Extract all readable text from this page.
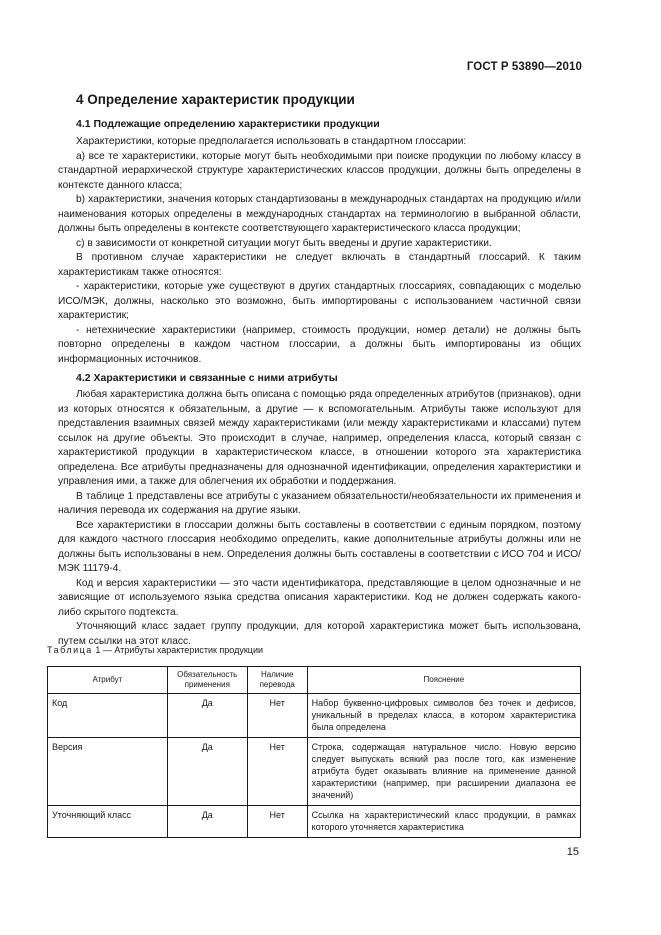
ГОСТ Р 53890—2010
4 Определение характеристик продукции
4.1 Подлежащие определению характеристики продукции

Характеристики, которые предполагается использовать в стандартном глоссарии:

а) все те характеристики, которые могут быть необходимыми при поиске продукции по любому классу в стандартной иерархической структуре характеристических классов продукции, должны быть определены в контексте данного класса;

b) характеристики, значения которых стандартизованы в международных стандартах на продукцию и/или наименования которых определены в международных стандартах на терминологию в выбранной области, должны быть определены в контексте соответствующего характеристического класса продукции;

с) в зависимости от конкретной ситуации могут быть введены и другие характеристики.

В противном случае характеристики не следует включать в стандартный глоссарий. К таким характеристикам также относятся:

- характеристики, которые уже существуют в других стандартных глоссариях, совпадающих с моделью ИСО/МЭК, должны, насколько это возможно, быть импортированы с использованием частичной связи характеристик;

- нетехнические характеристики (например, стоимость продукции, номер детали) не должны быть повторно определены в каждом частном глоссарии, а должны быть импортированы из общих информационных источников.

4.2 Характеристики и связанные с ними атрибуты

Любая характеристика должна быть описана с помощью ряда определенных атрибутов (признаков), одни из которых относятся к обязательным, а другие — к вспомогательным. Атрибуты также используют для представления взаимных связей между характеристиками (или между характеристиками и классами) путем ссылок на другие объекты. Это происходит в случае, например, определения класса, который связан с характеристикой продукции в характеристическом классе, в отношении которого эта характеристика определена. Все атрибуты предназначены для однозначной идентификации, определения характеристики и управления ими, а также для облегчения их обработки и поддержания.

В таблице 1 представлены все атрибуты с указанием обязательности/необязательности их применения и наличия перевода их содержания на другие языки.

Все характеристики в глоссарии должны быть составлены в соответствии с единым порядком, поэтому для каждого частного глоссария необходимо определить, какие дополнительные атрибуты должны или не должны быть использованы в нем. Определения должны быть составлены в соответствии с ИСО 704 и ИСО/МЭК 11179-4.

Код и версия характеристики — это части идентификатора, представляющие в целом однозначные и не зависящие от используемого языка средства описания характеристики. Код не должен содержать какого-либо скрытого подтекста.

Уточняющий класс задает группу продукции, для которой характеристика может быть использована, путем ссылки на этот класс.

Таблица 1 — Атрибуты характеристик продукции
Атрибут	Обязательность применения	Наличие перевода	Пояснение
Код	Да	Нет	Набор буквенно-цифровых символов без точек и дефисов, уникальный в пределах класса, в котором характеристика была определена
Версия	Да	Нет	Строка, содержащая натуральное число. Новую версию следует выпускать всякий раз после того, как изменение атрибута будет оказывать влияние на применение данной характеристики (например, при расширении диапазона ее значений)
Уточняющий класс	Да	Нет	Ссылка на характеристический класс продукции, в рамках которого уточняется характеристика
15
